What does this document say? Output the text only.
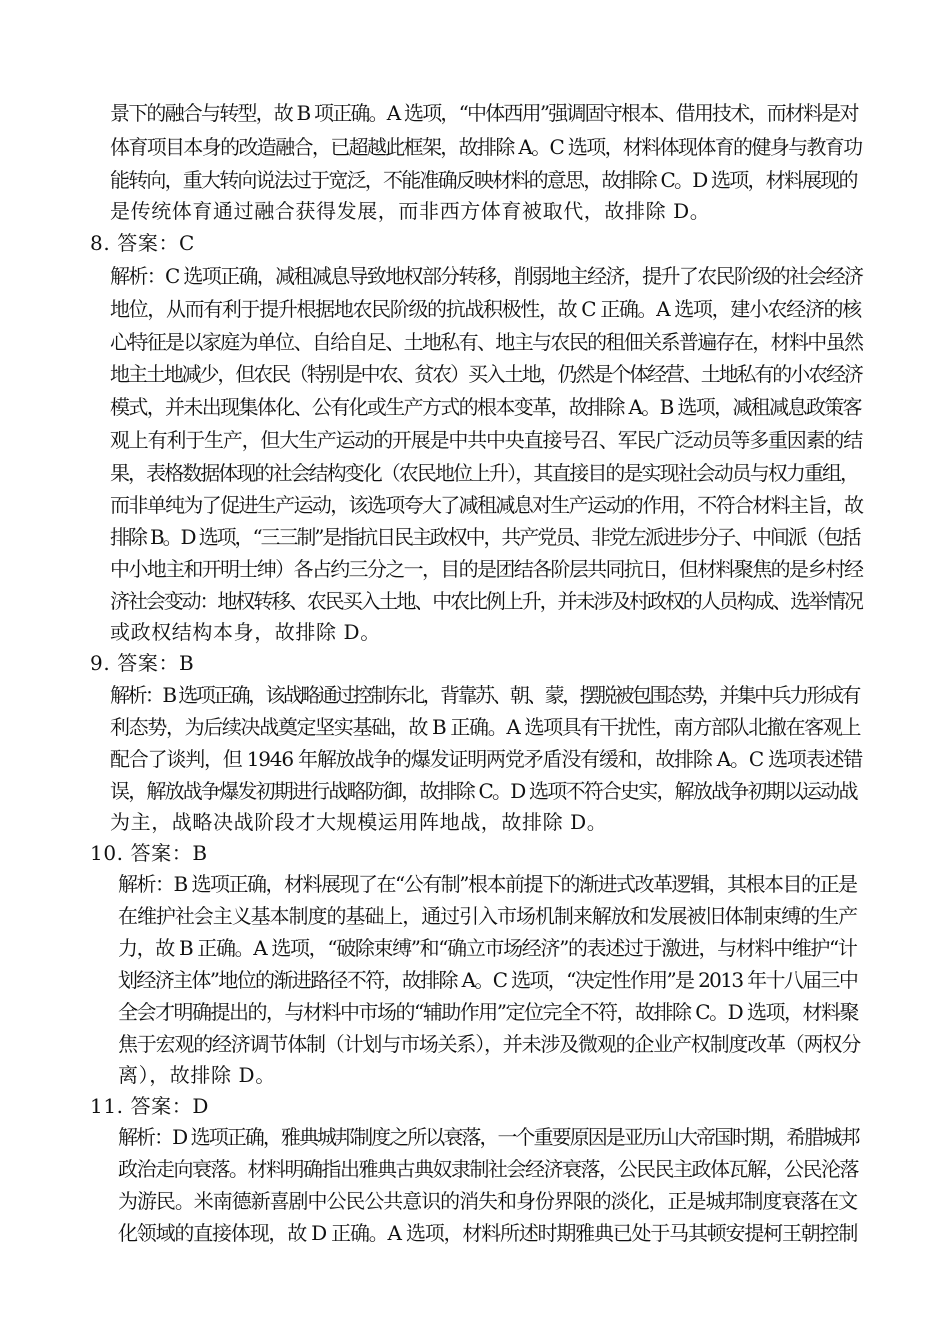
景下的融合与转型，故 B 项正确。A 选项，“中体西用”强调固守根本、借用技术，而材料是对
体育项目本身的改造融合，已超越此框架，故排除 A。C 选项，材料体现体育的健身与教育功
能转向，重大转向说法过于宽泛，不能准确反映材料的意思，故排除 C。D 选项，材料展现的
是传统体育通过融合获得发展，而非西方体育被取代，故排除 D。
8. 答案：C
解析：C 选项正确，减租减息导致地权部分转移，削弱地主经济，提升了农民阶级的社会经济
地位，从而有利于提升根据地农民阶级的抗战积极性，故 C 正确。A 选项，建小农经济的核
心特征是以家庭为单位、自给自足、土地私有、地主与农民的租佃关系普遍存在，材料中虽然
地主土地减少，但农民（特别是中农、贫农）买入土地，仍然是个体经营、土地私有的小农经济
模式，并未出现集体化、公有化或生产方式的根本变革，故排除 A。B 选项，减租减息政策客
观上有利于生产，但大生产运动的开展是中共中央直接号召、军民广泛动员等多重因素的结
果，表格数据体现的社会结构变化（农民地位上升），其直接目的是实现社会动员与权力重组，
而非单纯为了促进生产运动，该选项夸大了减租减息对生产运动的作用，不符合材料主旨，故
排除 B。D 选项，“三三制”是指抗日民主政权中，共产党员、非党左派进步分子、中间派（包括
中小地主和开明士绅）各占约三分之一，目的是团结各阶层共同抗日，但材料聚焦的是乡村经
济社会变动：地权转移、农民买入土地、中农比例上升，并未涉及村政权的人员构成、选举情况
或政权结构本身，故排除 D。
9. 答案：B
解析：B 选项正确，该战略通过控制东北，背靠苏、朝、蒙，摆脱被包围态势，并集中兵力形成有
利态势，为后续决战奠定坚实基础，故 B 正确。A 选项具有干扰性，南方部队北撤在客观上
配合了谈判，但 1946 年解放战争的爆发证明两党矛盾没有缓和，故排除 A。C 选项表述错
误，解放战争爆发初期进行战略防御，故排除 C。D 选项不符合史实，解放战争初期以运动战
为主，战略决战阶段才大规模运用阵地战，故排除 D。
10. 答案：B
解析：B 选项正确，材料展现了在“公有制”根本前提下的渐进式改革逻辑，其根本目的正是
在维护社会主义基本制度的基础上，通过引入市场机制来解放和发展被旧体制束缚的生产
力，故 B 正确。A 选项，“破除束缚”和“确立市场经济”的表述过于激进，与材料中维护“计
划经济主体”地位的渐进路径不符，故排除 A。C 选项，“决定性作用”是 2013 年十八届三中
全会才明确提出的，与材料中市场的“辅助作用”定位完全不符，故排除 C。D 选项，材料聚
焦于宏观的经济调节体制（计划与市场关系），并未涉及微观的企业产权制度改革（两权分
离），故排除 D。
11. 答案：D
解析：D 选项正确，雅典城邦制度之所以衰落，一个重要原因是亚历山大帝国时期，希腊城邦
政治走向衰落。材料明确指出雅典古典奴隶制社会经济衰落，公民民主政体瓦解，公民沦落
为游民。米南德新喜剧中公民公共意识的消失和身份界限的淡化，正是城邦制度衰落在文
化领域的直接体现，故 D 正确。A 选项，材料所述时期雅典已处于马其顿安提柯王朝控制
